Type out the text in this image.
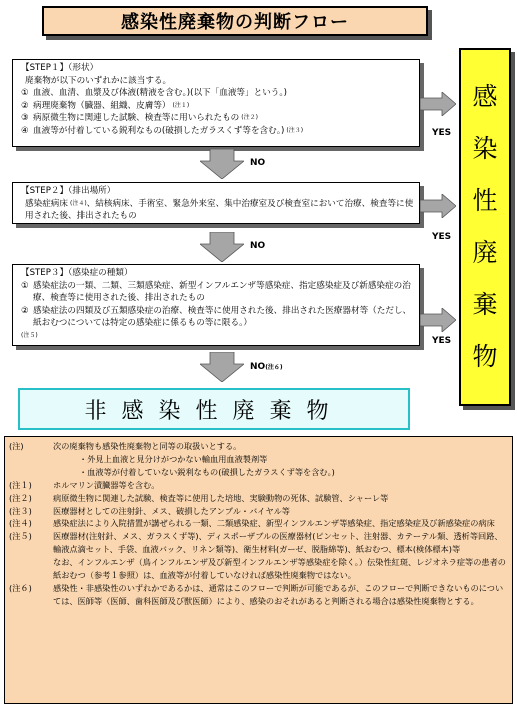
感染性廃棄物の判断フロー
【STEP１】（形状）
廃棄物が以下のいずれかに該当する。
① 血液、血清、血漿及び体液(精液を含む。)(以下「血液等」という。)
② 病理廃棄物（臓器、組織、皮膚等） (注１)
③ 病原微生物に関連した試験、検査等に用いられたもの (注２)
④ 血液等が付着している鋭利なもの(破損したガラスくず等を含む。) (注３)	YES
NO
【STEP２】（排出場所）
感染症病床 $^{(注4)}$、結核病床、手術室、緊急外来室、集中治療室及び検査室において治療、検査等に使用された後、排出されたもの
YES
NO
【STEP３】（感染症の種類）
① 感染症法の一類、二類、三類感染症、新型インフルエンザ等感染症、指定感染症及び新感染症の治療、検査等に使用された後、排出されたもの
② 感染症法の四類及び五類感染症の治療、検査等に使用された後、排出された医療器材等（ただし、紙おむつについては特定の感染症に係るもの等に限る。）
(注５)
YES
$NO^{(注6)}$
感
染
性
廃
棄
物
非感染性廃棄物
(注)	次の廃棄物も感染性廃棄物と同等の取扱いとする。
・外見上血液と見分けがつかない輸血用血液製剤等
・血液等が付着していない鋭利なもの(破損したガラスくず等を含む。)
(注１)	ホルマリン漬臓器等を含む。
(注２)	病原微生物に関連した試験、検査等に使用した培地、実験動物の死体、試験管、シャーレ等
(注３)	医療器材としての注射針、メス、破損したアンプル・バイヤル等
(注４)	感染症法により入院措置が講ぜられる一類、二類感染症、新型インフルエンザ等感染症、指定感染症及び新感染症の病床
(注５)	医療器材(注射針、メス、ガラスくず等)、ディスポーザブルの医療器材(ピンセット、注射器、カテーテル類、透析等回路、輸液点滴セット、手袋、血液バック、リネン類等)、衛生材料(ガーゼ、脱脂綿等)、紙おむつ、標本(検体標本)等
なお、インフルエンザ（鳥インフルエンザ及び新型インフルエンザ等感染症を除く。）伝染性紅斑、レジオネラ症等の患者の紙おむつ（参考１参照）は、血液等が付着していなければ感染性廃棄物ではない。
(注６)	感染性・非感染性のいずれかであるかは、通常はこのフローで判断が可能であるが、このフローで判断できないものについては、医師等（医師、歯科医師及び獣医師）により、感染のおそれがあると判断される場合は感染性廃棄物とする。
